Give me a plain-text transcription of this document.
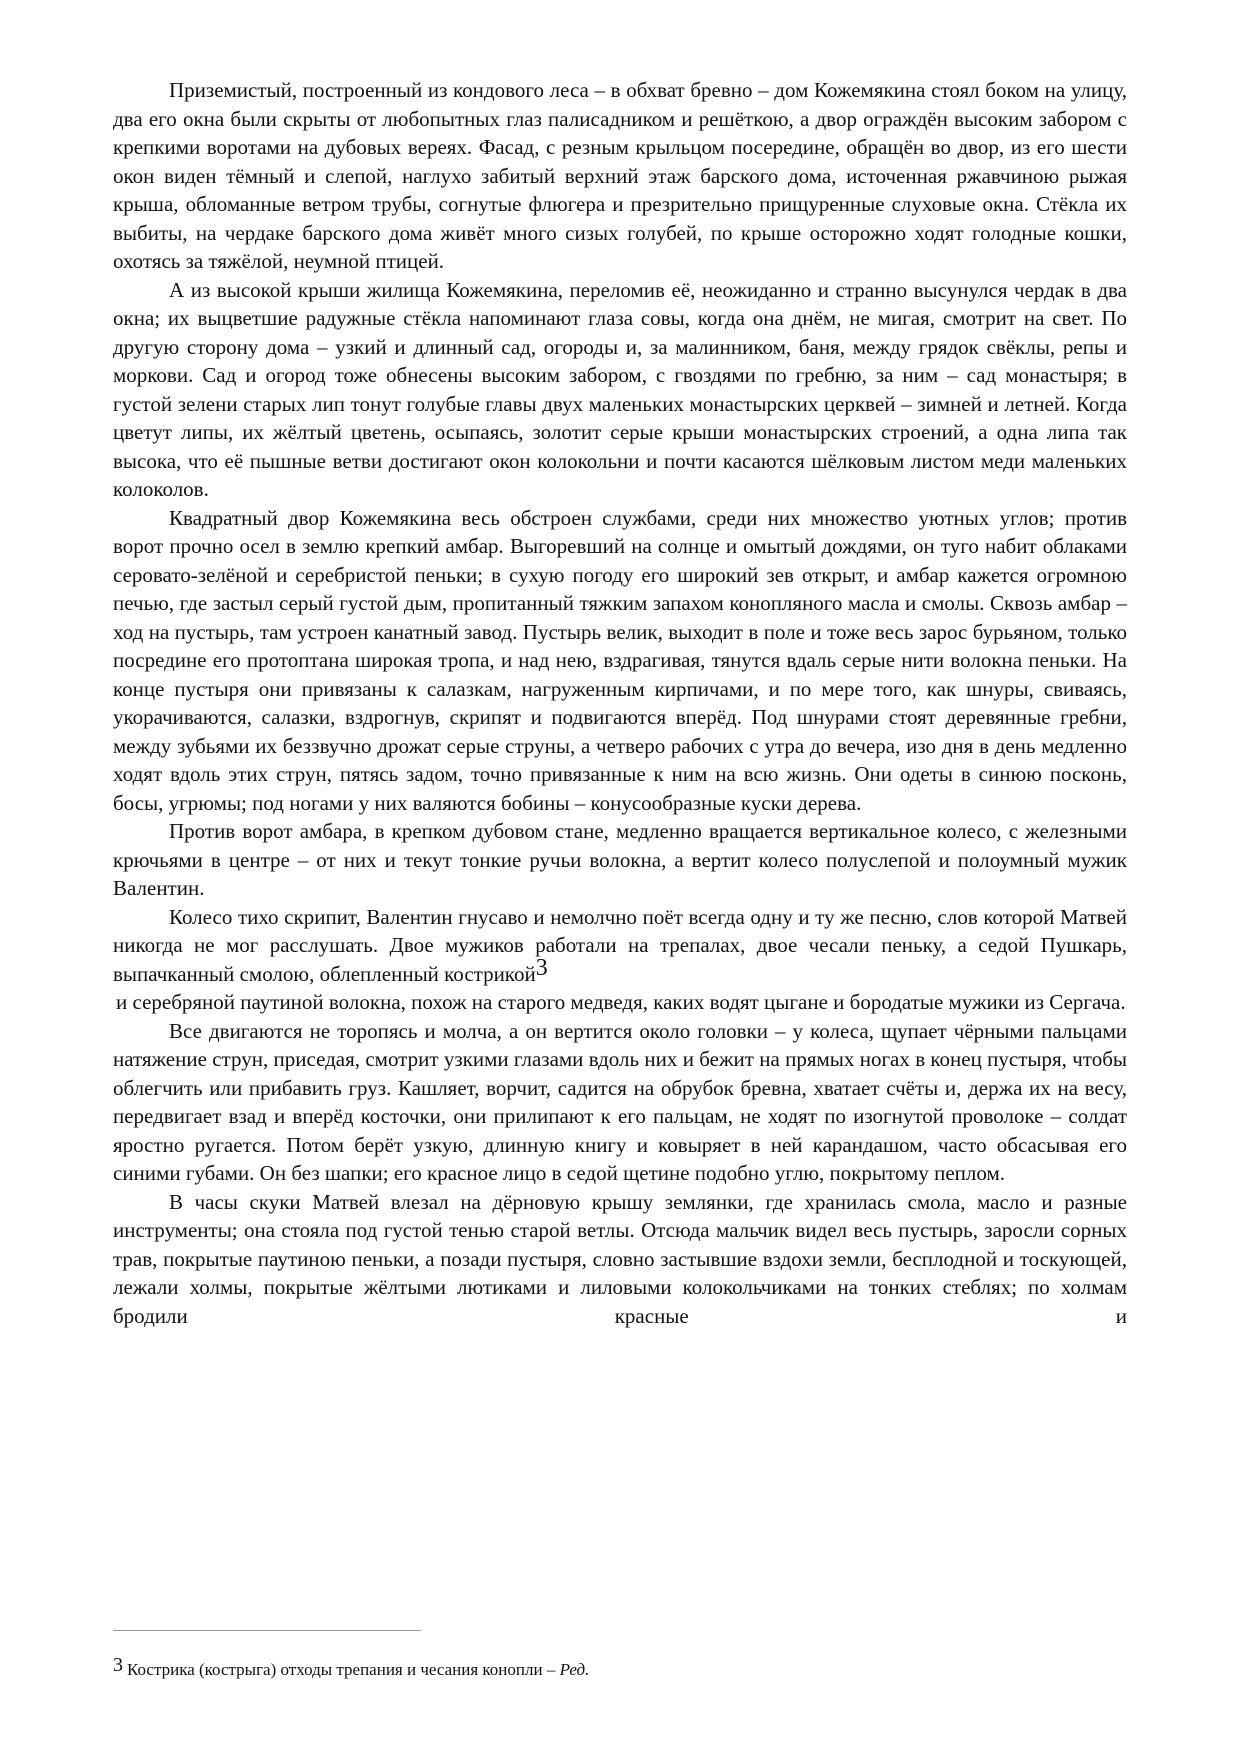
Приземистый, построенный из кондового леса – в обхват бревно – дом Кожемякина стоял боком на улицу, два его окна были скрыты от любопытных глаз палисадником и решёткою, а двор ограждён высоким забором с крепкими воротами на дубовых вереях. Фасад, с резным крыльцом посередине, обращён во двор, из его шести окон виден тёмный и слепой, наглухо забитый верхний этаж барского дома, источенная ржавчиною рыжая крыша, обломанные ветром трубы, согнутые флюгера и презрительно прищуренные слуховые окна. Стёкла их выбиты, на чердаке барского дома живёт много сизых голубей, по крыше осторожно ходят голодные кошки, охотясь за тяжёлой, неумной птицей.

А из высокой крыши жилища Кожемякина, переломив её, неожиданно и странно высунулся чердак в два окна; их выцветшие радужные стёкла напоминают глаза совы, когда она днём, не мигая, смотрит на свет. По другую сторону дома – узкий и длинный сад, огороды и, за малинником, баня, между грядок свёклы, репы и моркови. Сад и огород тоже обнесены высоким забором, с гвоздями по гребню, за ним – сад монастыря; в густой зелени старых лип тонут голубые главы двух маленьких монастырских церквей – зимней и летней. Когда цветут липы, их жёлтый цветень, осыпаясь, золотит серые крыши монастырских строений, а одна липа так высока, что её пышные ветви достигают окон колокольни и почти касаются шёлковым листом меди маленьких колоколов.

Квадратный двор Кожемякина весь обстроен службами, среди них множество уютных углов; против ворот прочно осел в землю крепкий амбар. Выгоревший на солнце и омытый дождями, он туго набит облаками серовато-зелёной и серебристой пеньки; в сухую погоду его широкий зев открыт, и амбар кажется огромною печью, где застыл серый густой дым, пропитанный тяжким запахом конопляного масла и смолы. Сквозь амбар – ход на пустырь, там устроен канатный завод. Пустырь велик, выходит в поле и тоже весь зарос бурьяном, только посредине его протоптана широкая тропа, и над нею, вздрагивая, тянутся вдаль серые нити волокна пеньки. На конце пустыря они привязаны к салазкам, нагруженным кирпичами, и по мере того, как шнуры, свиваясь, укорачиваются, салазки, вздрогнув, скрипят и подвигаются вперёд. Под шнурами стоят деревянные гребни, между зубьями их беззвучно дрожат серые струны, а четверо рабочих с утра до вечера, изо дня в день медленно ходят вдоль этих струн, пятясь задом, точно привязанные к ним на всю жизнь. Они одеты в синюю посконь, босы, угрюмы; под ногами у них валяются бобины – конусообразные куски дерева.

Против ворот амбара, в крепком дубовом стане, медленно вращается вертикальное колесо, с железными крючьями в центре – от них и текут тонкие ручьи волокна, а вертит колесо полуслепой и полоумный мужик Валентин.

Колесо тихо скрипит, Валентин гнусаво и немолчно поёт всегда одну и ту же песню, слов которой Матвей никогда не мог расслушать. Двое мужиков работали на трепалах, двое чесали пеньку, а седой Пушкарь, выпачканный смолою, облепленный кострикой3

и серебряной паутиной волокна, похож на старого медведя, каких водят цыгане и бородатые мужики из Сергача.

Все двигаются не торопясь и молча, а он вертится около головки – у колеса, щупает чёрными пальцами натяжение струн, приседая, смотрит узкими глазами вдоль них и бежит на прямых ногах в конец пустыря, чтобы облегчить или прибавить груз. Кашляет, ворчит, садится на обрубок бревна, хватает счёты и, держа их на весу, передвигает взад и вперёд косточки, они прилипают к его пальцам, не ходят по изогнутой проволоке – солдат яростно ругается. Потом берёт узкую, длинную книгу и ковыряет в ней карандашом, часто обсасывая его синими губами. Он без шапки; его красное лицо в седой щетине подобно углю, покрытому пеплом.

В часы скуки Матвей влезал на дёрновую крышу землянки, где хранилась смола, масло и разные инструменты; она стояла под густой тенью старой ветлы. Отсюда мальчик видел весь пустырь, заросли сорных трав, покрытые паутиною пеньки, а позади пустыря, словно застывшие вздохи земли, бесплодной и тоскующей, лежали холмы, покрытые жёлтыми лютиками и лиловыми колокольчиками на тонких стеблях; по холмам бродили красные и

3 Кострика (кострыга) отходы трепания и чесания конопли – Ред.
